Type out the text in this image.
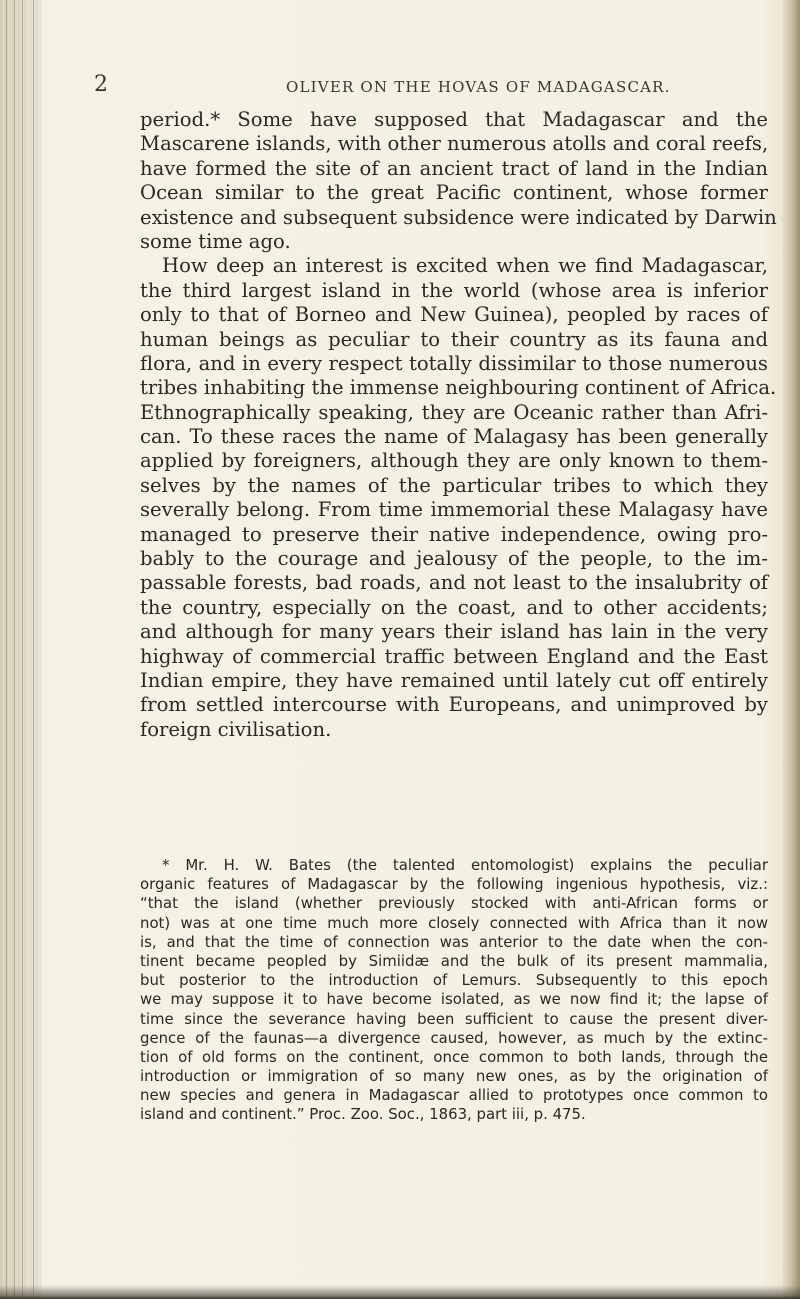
2	OLIVER ON THE HOVAS OF MADAGASCAR.
period.* Some have supposed that Madagascar and the
Mascarene islands, with other numerous atolls and coral reefs,
have formed the site of an ancient tract of land in the Indian
Ocean similar to the great Pacific continent, whose former
existence and subsequent subsidence were indicated by Darwin
some time ago.
How deep an interest is excited when we find Madagascar,
the third largest island in the world (whose area is inferior
only to that of Borneo and New Guinea), peopled by races of
human beings as peculiar to their country as its fauna and
flora, and in every respect totally dissimilar to those numerous
tribes inhabiting the immense neighbouring continent of Africa.
Ethnographically speaking, they are Oceanic rather than Afri-
can. To these races the name of Malagasy has been generally
applied by foreigners, although they are only known to them-
selves by the names of the particular tribes to which they
severally belong. From time immemorial these Malagasy have
managed to preserve their native independence, owing pro-
bably to the courage and jealousy of the people, to the im-
passable forests, bad roads, and not least to the insalubrity of
the country, especially on the coast, and to other accidents;
and although for many years their island has lain in the very
highway of commercial traffic between England and the East
Indian empire, they have remained until lately cut off entirely
from settled intercourse with Europeans, and unimproved by
foreign civilisation.
* Mr. H. W. Bates (the talented entomologist) explains the peculiar
organic features of Madagascar by the following ingenious hypothesis, viz.:
“that the island (whether previously stocked with anti-African forms or
not) was at one time much more closely connected with Africa than it now
is, and that the time of connection was anterior to the date when the con-
tinent became peopled by Simiidæ and the bulk of its present mammalia,
but posterior to the introduction of Lemurs. Subsequently to this epoch
we may suppose it to have become isolated, as we now find it; the lapse of
time since the severance having been sufficient to cause the present diver-
gence of the faunas—a divergence caused, however, as much by the extinc-
tion of old forms on the continent, once common to both lands, through the
introduction or immigration of so many new ones, as by the origination of
new species and genera in Madagascar allied to prototypes once common to
island and continent.” Proc. Zoo. Soc., 1863, part iii, p. 475.
